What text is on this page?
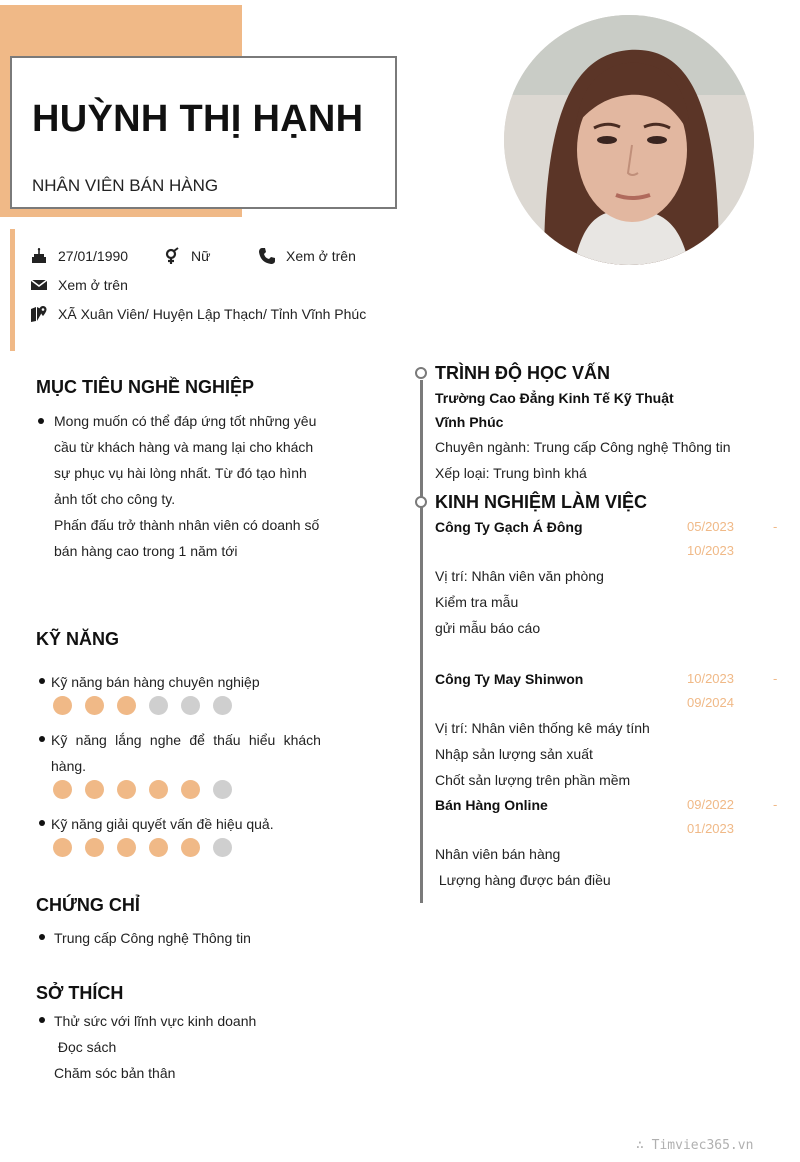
HUỲNH THỊ HẠNH
NHÂN VIÊN BÁN HÀNG
27/01/1990	Nữ	Xem ở trên
Xem ở trên
XÃ Xuân Viên/ Huyện Lập Thạch/ Tỉnh Vĩnh Phúc
MỤC TIÊU NGHỀ NGHIỆP
Mong muốn có thể đáp ứng tốt những yêu
cầu từ khách hàng và mang lại cho khách
sự phục vụ hài lòng nhất. Từ đó tạo hình
ảnh tốt cho công ty.
Phấn đấu trở thành nhân viên có doanh số
bán hàng cao trong 1 năm tới
KỸ NĂNG
Kỹ năng bán hàng chuyên nghiệp
Kỹ năng lắng nghe để thấu hiểu khách
hàng.
Kỹ năng giải quyết vấn đề hiệu quả.
CHỨNG CHỈ
Trung cấp Công nghệ Thông tin
SỞ THÍCH
Thử sức với lĩnh vực kinh doanh
Đọc sách
Chăm sóc bản thân
TRÌNH ĐỘ HỌC VẤN
Trường Cao Đẳng Kinh Tế Kỹ Thuật
Vĩnh Phúc
Chuyên ngành: Trung cấp Công nghệ Thông tin
Xếp loại: Trung bình khá
KINH NGHIỆM LÀM VIỆC
Công Ty Gạch Á Đông	05/2023	-
10/2023
Vị trí: Nhân viên văn phòng
Kiểm tra mẫu
gửi mẫu báo cáo
Công Ty May Shinwon	10/2023	-
09/2024
Vị trí: Nhân viên thống kê máy tính
Nhập sản lượng sản xuất
Chốt sản lượng trên phần mềm
Bán Hàng Online	09/2022	-
01/2023
Nhân viên bán hàng
Lượng hàng được bán điều
∴ Timviec365.vn
